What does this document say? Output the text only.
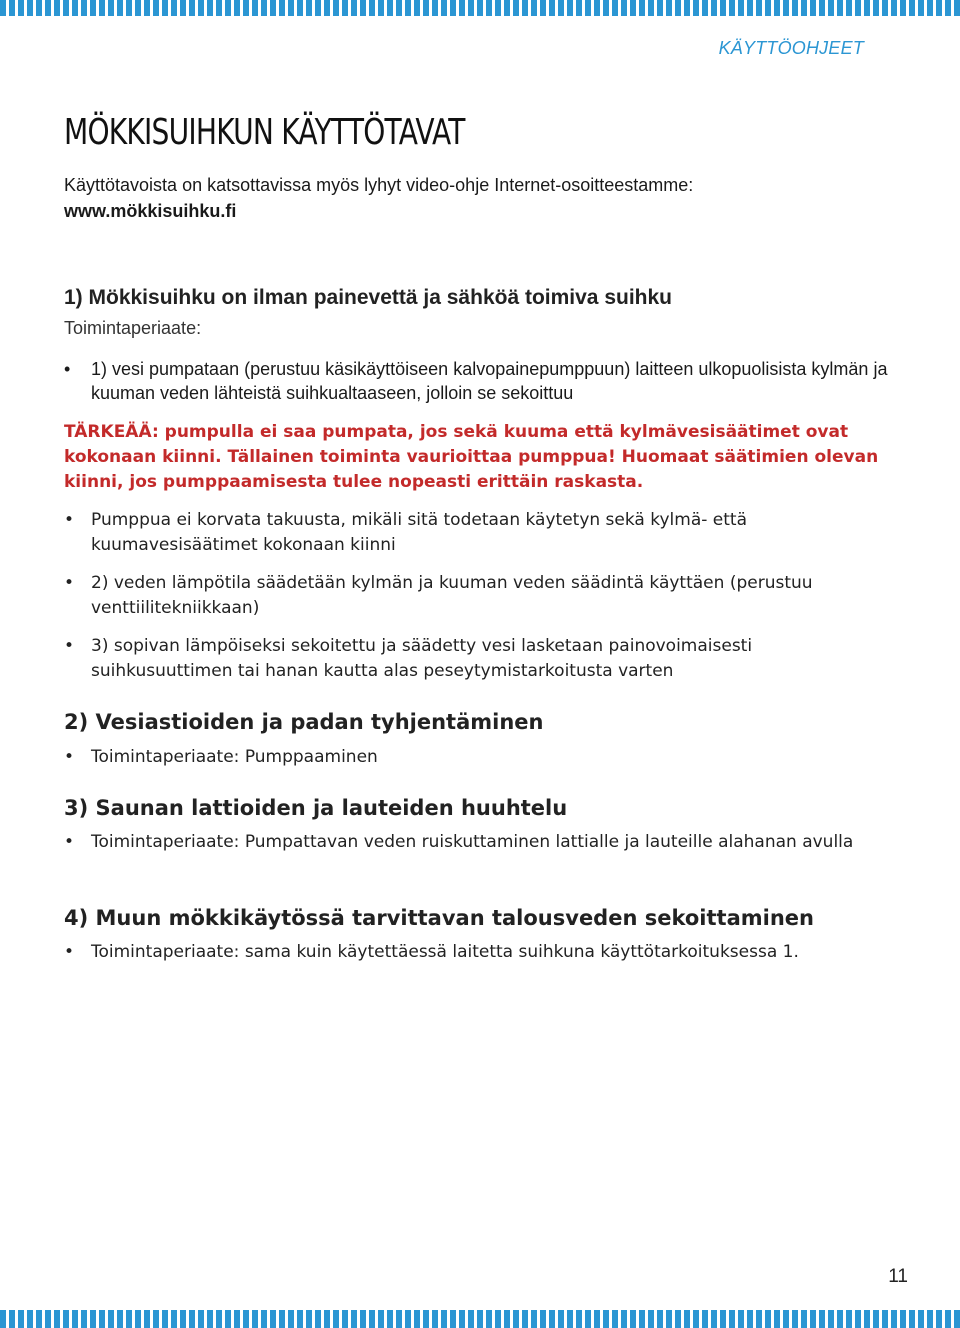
KÄYTTÖOHJEET
MÖKKISUIHKUN KÄYTTÖTAVAT
Käyttötavoista on katsottavissa myös lyhyt video-ohje Internet-osoitteestamme:
www.mökkisuihku.fi
1) Mökkisuihku on ilman painevettä ja sähköä toimiva suihku
Toimintaperiaate:
• 1) vesi pumpataan (perustuu käsikäyttöiseen kalvopainepumppuun) laitteen ulkopuolisista kylmän ja kuuman veden lähteistä suihkualtaaseen, jolloin se sekoittuu
TÄRKEÄÄ: pumpulla ei saa pumpata, jos sekä kuuma että kylmävesisäätimet ovat kokonaan kiinni. Tällainen toiminta vaurioittaa pumppua! Huomaat säätimien olevan kiinni, jos pumppaamisesta tulee nopeasti erittäin raskasta.
• Pumppua ei korvata takuusta, mikäli sitä todetaan käytetyn sekä kylmä- että kuumavesisäätimet kokonaan kiinni
• 2) veden lämpötila säädetään kylmän ja kuuman veden säädintä käyttäen (perustuu venttiilitekniikkaan)
• 3) sopivan lämpöiseksi sekoitettu ja säädetty vesi lasketaan painovoimaisesti suihkusuuttimen tai hanan kautta alas peseytymistarkoitusta varten
2) Vesiastioiden ja padan tyhjentäminen
• Toimintaperiaate: Pumppaaminen
3) Saunan lattioiden ja lauteiden huuhtelu
• Toimintaperiaate: Pumpattavan veden ruiskuttaminen lattialle ja lauteille alahanan avulla
4) Muun mökkikäytössä tarvittavan talousveden sekoittaminen
• Toimintaperiaate: sama kuin käytettäessä laitetta suihkuna käyttötarkoituksessa 1.
11
